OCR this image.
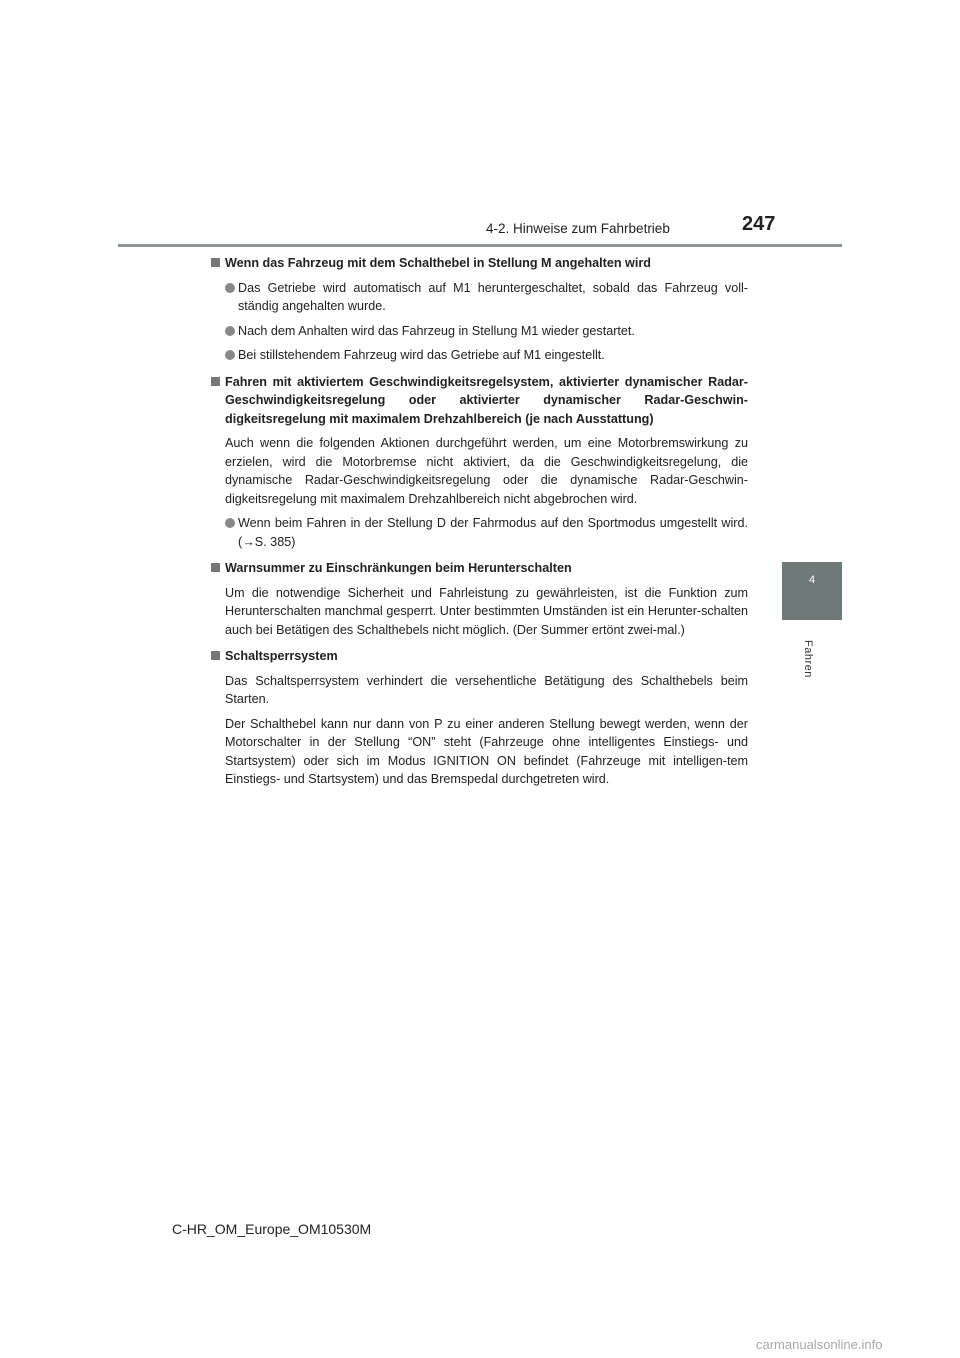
4-2. Hinweise zum Fahrbetrieb	247
4
Fahren
Wenn das Fahrzeug mit dem Schalthebel in Stellung M angehalten wird
Das Getriebe wird automatisch auf M1 heruntergeschaltet, sobald das Fahrzeug voll-ständig angehalten wurde.
Nach dem Anhalten wird das Fahrzeug in Stellung M1 wieder gestartet.
Bei stillstehendem Fahrzeug wird das Getriebe auf M1 eingestellt.
Fahren mit aktiviertem Geschwindigkeitsregelsystem, aktivierter dynamischer Radar-Geschwindigkeitsregelung oder aktivierter dynamischer Radar-Geschwin-digkeitsregelung mit maximalem Drehzahlbereich (je nach Ausstattung)
Auch wenn die folgenden Aktionen durchgeführt werden, um eine Motorbremswirkung zu erzielen, wird die Motorbremse nicht aktiviert, da die Geschwindigkeitsregelung, die dynamische Radar-Geschwindigkeitsregelung oder die dynamische Radar-Geschwin-digkeitsregelung mit maximalem Drehzahlbereich nicht abgebrochen wird.
Wenn beim Fahren in der Stellung D der Fahrmodus auf den Sportmodus umgestellt wird. (→S. 385)
Warnsummer zu Einschränkungen beim Herunterschalten
Um die notwendige Sicherheit und Fahrleistung zu gewährleisten, ist die Funktion zum Herunterschalten manchmal gesperrt. Unter bestimmten Umständen ist ein Herunter-schalten auch bei Betätigen des Schalthebels nicht möglich. (Der Summer ertönt zwei-mal.)
Schaltsperrsystem
Das Schaltsperrsystem verhindert die versehentliche Betätigung des Schalthebels beim Starten.
Der Schalthebel kann nur dann von P zu einer anderen Stellung bewegt werden, wenn der Motorschalter in der Stellung “ON” steht (Fahrzeuge ohne intelligentes Einstiegs- und Startsystem) oder sich im Modus IGNITION ON befindet (Fahrzeuge mit intelligen-tem Einstiegs- und Startsystem) und das Bremspedal durchgetreten wird.
C-HR_OM_Europe_OM10530M
carmanualsonline.info
